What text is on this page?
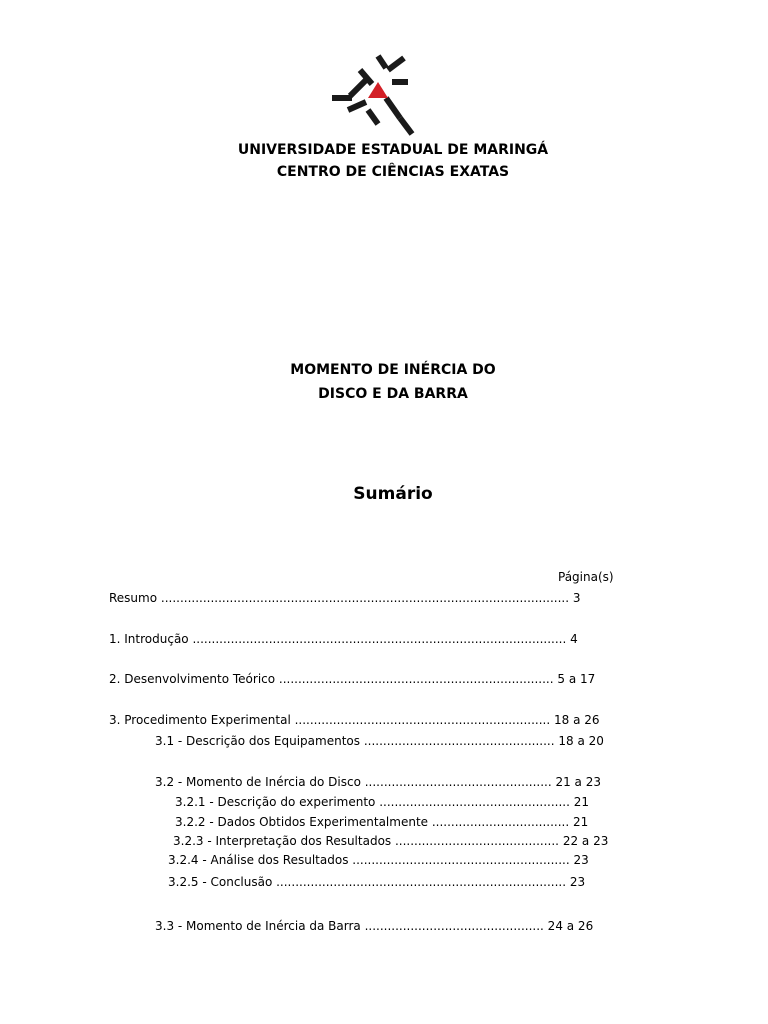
UNIVERSIDADE ESTADUAL DE MARINGÁ
CENTRO DE CIÊNCIAS EXATAS
MOMENTO DE INÉRCIA DO
DISCO E DA BARRA
Sumário
Página(s)
Resumo ........................................................................................................... 3
1. Introdução .................................................................................................. 4
2. Desenvolvimento Teórico ........................................................................ 5 a 17
3. Procedimento Experimental ................................................................... 18 a 26
3.1 - Descrição dos Equipamentos .................................................. 18 a 20
3.2 - Momento de Inércia do Disco ................................................. 21 a 23
3.2.1 - Descrição do experimento .................................................. 21
3.2.2 - Dados Obtidos Experimentalmente .................................... 21
3.2.3 - Interpretação dos Resultados ........................................... 22 a 23
3.2.4 - Análise dos Resultados ......................................................... 23
3.2.5 - Conclusão ............................................................................ 23
3.3 - Momento de Inércia da Barra ............................................... 24 a 26
